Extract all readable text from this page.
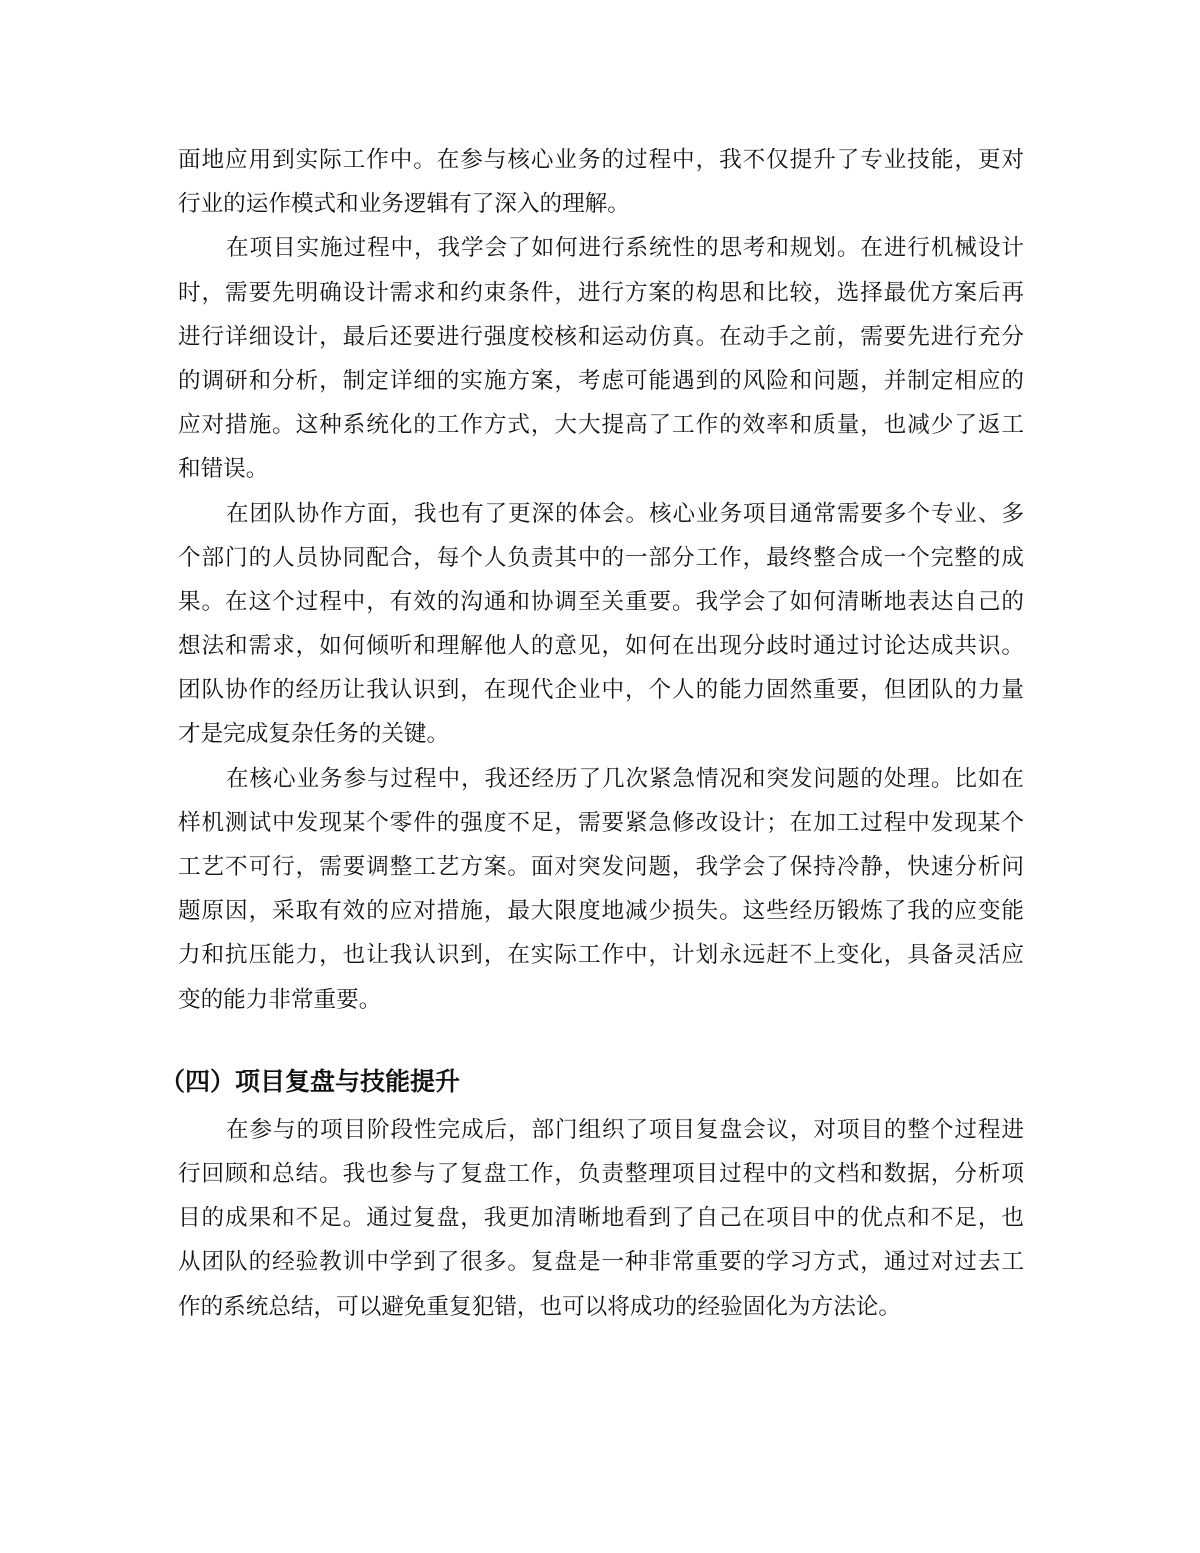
面地应用到实际工作中。在参与核心业务的过程中，我不仅提升了专业技能，更对
行业的运作模式和业务逻辑有了深入的理解。
在项目实施过程中，我学会了如何进行系统性的思考和规划。在进行机械设计
时，需要先明确设计需求和约束条件，进行方案的构思和比较，选择最优方案后再
进行详细设计，最后还要进行强度校核和运动仿真。在动手之前，需要先进行充分
的调研和分析，制定详细的实施方案，考虑可能遇到的风险和问题，并制定相应的
应对措施。这种系统化的工作方式，大大提高了工作的效率和质量，也减少了返工
和错误。
在团队协作方面，我也有了更深的体会。核心业务项目通常需要多个专业、多
个部门的人员协同配合，每个人负责其中的一部分工作，最终整合成一个完整的成
果。在这个过程中，有效的沟通和协调至关重要。我学会了如何清晰地表达自己的
想法和需求，如何倾听和理解他人的意见，如何在出现分歧时通过讨论达成共识。
团队协作的经历让我认识到，在现代企业中，个人的能力固然重要，但团队的力量
才是完成复杂任务的关键。
在核心业务参与过程中，我还经历了几次紧急情况和突发问题的处理。比如在
样机测试中发现某个零件的强度不足，需要紧急修改设计；在加工过程中发现某个
工艺不可行，需要调整工艺方案。面对突发问题，我学会了保持冷静，快速分析问
题原因，采取有效的应对措施，最大限度地减少损失。这些经历锻炼了我的应变能
力和抗压能力，也让我认识到，在实际工作中，计划永远赶不上变化，具备灵活应
变的能力非常重要。
（四）项目复盘与技能提升
在参与的项目阶段性完成后，部门组织了项目复盘会议，对项目的整个过程进
行回顾和总结。我也参与了复盘工作，负责整理项目过程中的文档和数据，分析项
目的成果和不足。通过复盘，我更加清晰地看到了自己在项目中的优点和不足，也
从团队的经验教训中学到了很多。复盘是一种非常重要的学习方式，通过对过去工
作的系统总结，可以避免重复犯错，也可以将成功的经验固化为方法论。
